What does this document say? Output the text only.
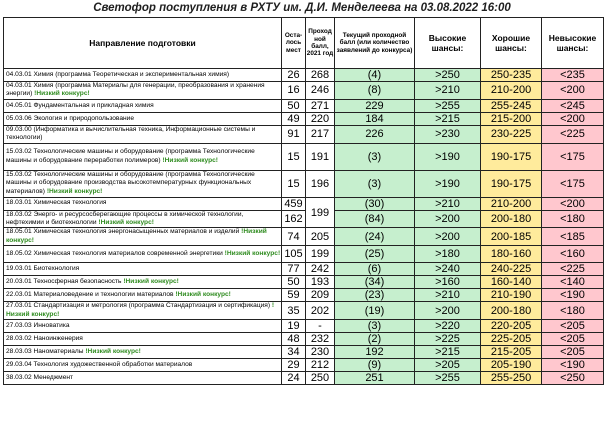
Светофор поступления в РХТУ им. Д.И. Менделеева на 03.08.2022 16:00
Направление подготовки	Оста-лось мест	Проход ной балл, 2021 год	Текущий проходной балл (или количество заявлений до конкурса)	Высокие шансы:	Хорошие шансы:	Невысокие шансы:
04.03.01 Химия (программа Теоретическая и экспериментальная химия)	26	268	(4)	>250	250-235	<235
04.03.01 Химия (программа Материалы для генерации, преобразования и хранения энергии) !Низкий конкурс!	16	246	(8)	>210	210-200	<200
04.05.01 Фундаментальная и прикладная химия	50	271	229	>255	255-245	<245
05.03.06 Экология и природопользование	49	220	184	>215	215-200	<200
09.03.00 (Информатика и вычислительная техника, Информационные системы и технологии)	91	217	226	>230	230-225	<225
15.03.02 Технологические машины и оборудование (программа Технологические машины и оборудование переработки полимеров) !Низкий конкурс!	15	191	(3)	>190	190-175	<175
15.03.02 Технологические машины и оборудование (программа Технологические машины и оборудование производства высокотемпературных функциональных материалов) !Низкий конкурс!	15	196	(3)	>190	190-175	<175
18.03.01 Химическая технология	459	199	(30)	>210	210-200	<200
18.03.02 Энерго- и ресурсосберегающие процессы в химической технологии, нефтехимии и биотехнологии !Низкий конкурс!	162		(84)	>200	200-180	<180
18.05.01 Химическая технология энергонасыщенных материалов и изделий !Низкий конкурс!	74	205	(24)	>200	200-185	<185
18.05.02 Химическая технология материалов современной энергетики !Низкий конкурс!	105	199	(25)	>180	180-160	<160
19.03.01 Биотехнология	77	242	(6)	>240	240-225	<225
20.03.01 Техносферная безопасность !Низкий конкурс!	50	193	(34)	>160	160-140	<140
22.03.01 Материаловедение и технологии материалов !Низкий конкурс!	59	209	(23)	>210	210-190	<190
27.03.01 Стандартизация и метрология (программа Стандартизация и сертификация) !Низкий конкурс!	35	202	(19)	>200	200-180	<180
27.03.03 Инноватика	19	-	(3)	>220	220-205	<205
28.03.02 Наноинженерия	48	232	(2)	>225	225-205	<205
28.03.03 Наноматериалы !Низкий конкурс!	34	230	192	>215	215-205	<205
29.03.04 Технология художественной обработки материалов	29	212	(9)	>205	205-190	<190
38.03.02 Менеджмент	24	250	251	>255	255-250	<250
